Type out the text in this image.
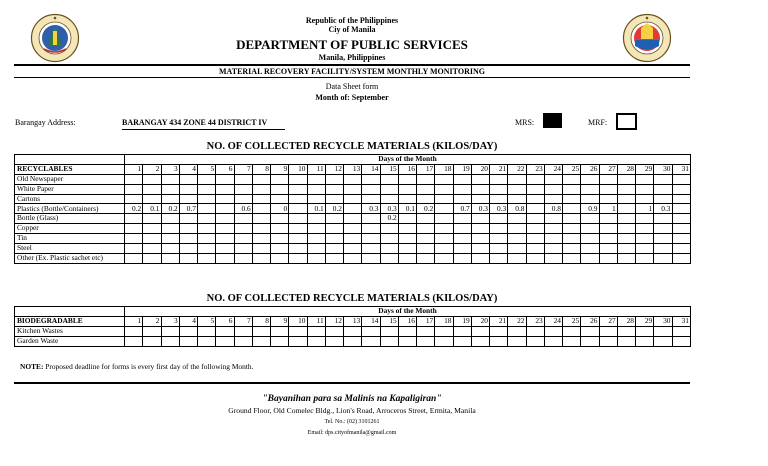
Republic of the Philippines
Ciy of Manila
DEPARTMENT OF PUBLIC SERVICES
Manila, Philippines
MATERIAL RECOVERY FACILITY/SYSTEM MONTHLY MONITORING
Data Sheet form
Month of: September
Barangay Address:	BARANGAY 434 ZONE 44 DISTRICT IV	MRS:	MRF:
NO. OF COLLECTED RECYCLE MATERIALS (KILOS/DAY)
	Days of the Month																														
RECYCLABLES	1	2	3	4	5	6	7	8	9	10	11	12	13	14	15	16	17	18	19	20	21	22	23	24	25	26	27	28	29	30	31
Old Newspaper																															
White Paper																															
Cartons																															
Plastics (Bottle/Containers)	0.2	0.1	0.2	0.7			0.6		0		0.1	0.2		0.3	0.3	0.1	0.2		0.7	0.3	0.3	0.8		0.8		0.9	1		1	0.3	
Bottle (Glass)															0.2																
Copper																															
Tin																															
Steel																															
Other (Ex. Plastic sachet etc)																															
NO. OF COLLECTED RECYCLE MATERIALS (KILOS/DAY)
	Days of the Month																														
BIODEGRADABLE	1	2	3	4	5	6	7	8	9	10	11	12	13	14	15	16	17	18	19	20	21	22	23	24	25	26	27	28	29	30	31
Kitchen Wastes																															
Garden Waste																															
NOTE: Proposed deadline for forms is every first day of the following Month.
"Bayanihan para sa Malinis na Kapaligiran"
Ground Floor, Old Comelec Bldg., Lion's Road, Arroceros Street, Ermita, Manila
Tel. No.: (02) 3101261
Email: dps.cityofmanila@gmail.com
